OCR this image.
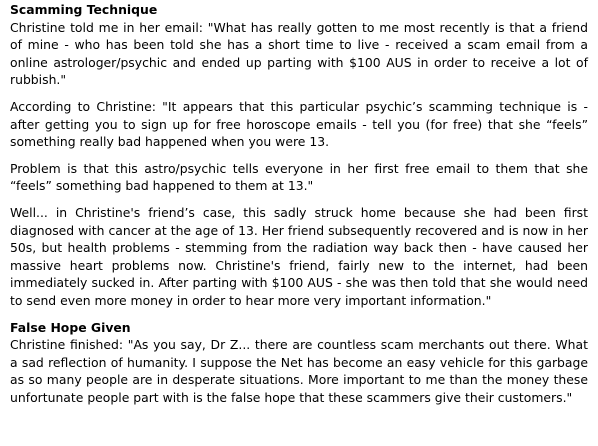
Scamming Technique

Christine told me in her email: "What has really gotten to me most recently is that a friend of mine - who has been told she has a short time to live - received a scam email from a online astrologer/psychic and ended up parting with $100 AUS in order to receive a lot of rubbish."

According to Christine: "It appears that this particular psychic’s scamming technique is - after getting you to sign up for free horoscope emails - tell you (for free) that she “feels” something really bad happened when you were 13.

Problem is that this astro/psychic tells everyone in her first free email to them that she “feels” something bad happened to them at 13."

Well... in Christine's friend’s case, this sadly struck home because she had been first diagnosed with cancer at the age of 13. Her friend subsequently recovered and is now in her 50s, but health problems - stemming from the radiation way back then - have caused her massive heart problems now. Christine's friend, fairly new to the internet, had been immediately sucked in. After parting with $100 AUS - she was then told that she would need to send even more money in order to hear more very important information."

False Hope Given

Christine finished: "As you say, Dr Z... there are countless scam merchants out there. What a sad reflection of humanity. I suppose the Net has become an easy vehicle for this garbage as so many people are in desperate situations. More important to me than the money these unfortunate people part with is the false hope that these scammers give their customers."
